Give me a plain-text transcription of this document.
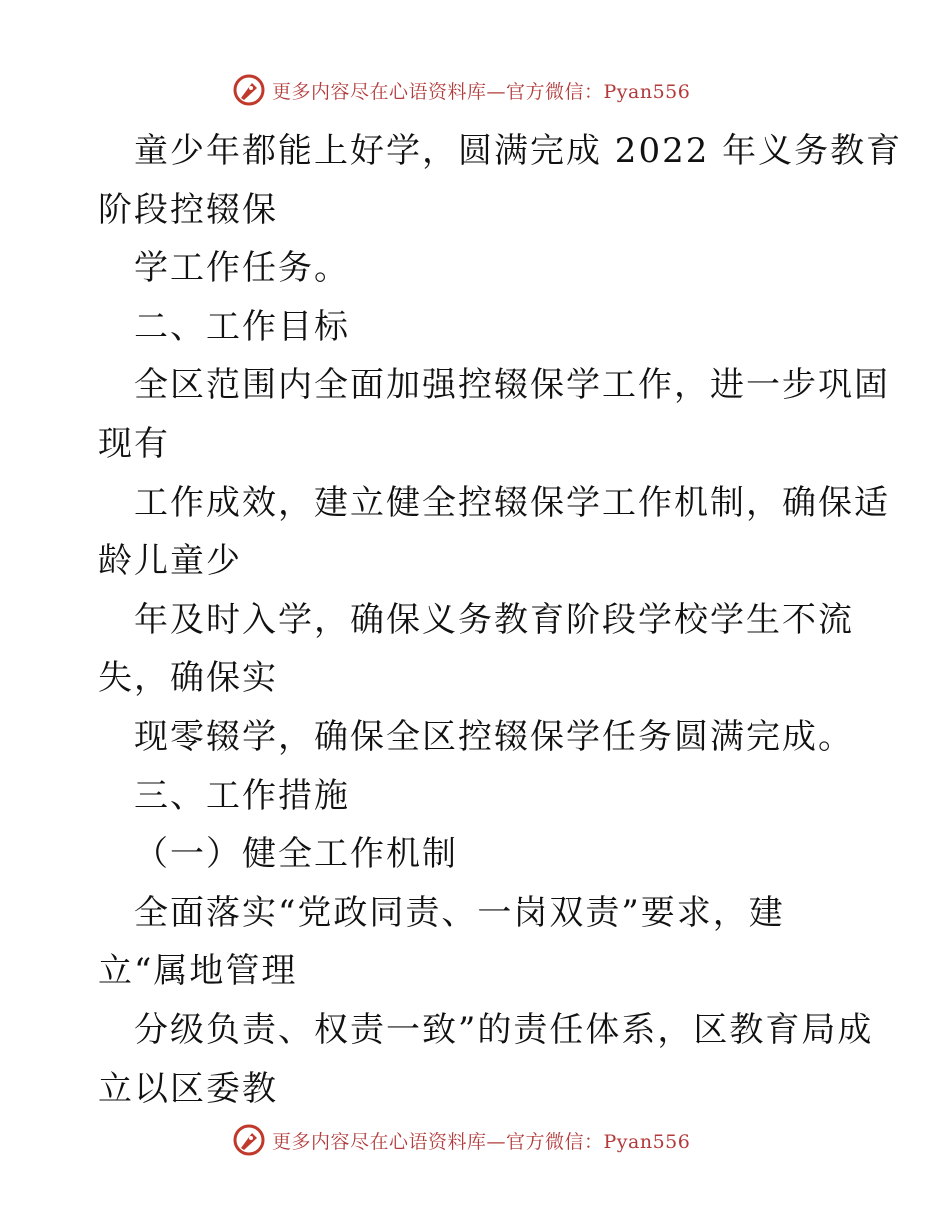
更多内容尽在心语资料库—官方微信：Pyan556
童少年都能上好学，圆满完成 2022 年义务教育
阶段控辍保
学工作任务。
二、工作目标
全区范围内全面加强控辍保学工作，进一步巩固
现有
工作成效，建立健全控辍保学工作机制，确保适
龄儿童少
年及时入学，确保义务教育阶段学校学生不流
失，确保实
现零辍学，确保全区控辍保学任务圆满完成。
三、工作措施
（一）健全工作机制
全面落实“党政同责、一岗双责”要求，建
立“属地管理
分级负责、权责一致”的责任体系，区教育局成
立以区委教
更多内容尽在心语资料库—官方微信：Pyan556
